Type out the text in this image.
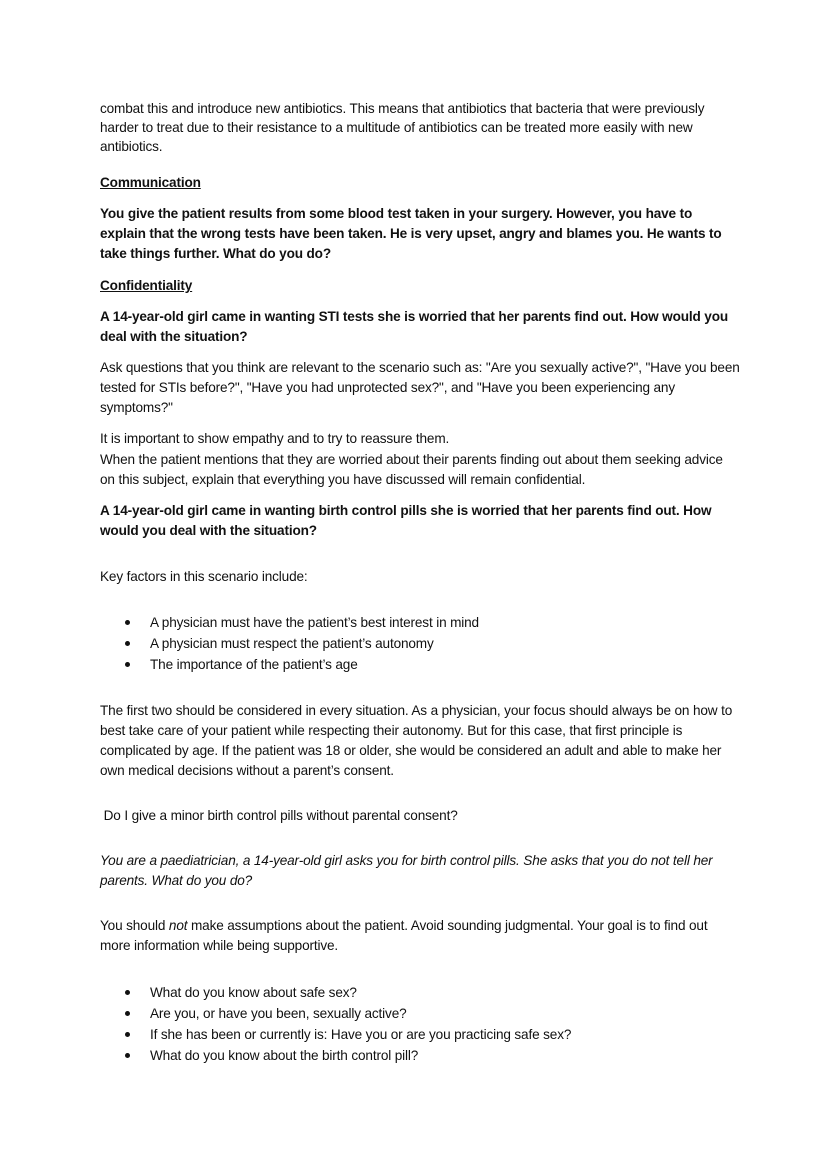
combat this and introduce new antibiotics. This means that antibiotics that bacteria that were previously harder to treat due to their resistance to a multitude of antibiotics can be treated more easily with new antibiotics.
Communication
You give the patient results from some blood test taken in your surgery. However, you have to explain that the wrong tests have been taken. He is very upset, angry and blames you. He wants to take things further. What do you do?
Confidentiality
A 14-year-old girl came in wanting STI tests she is worried that her parents find out. How would you deal with the situation?
Ask questions that you think are relevant to the scenario such as: "Are you sexually active?", "Have you been tested for STIs before?", "Have you had unprotected sex?", and "Have you been experiencing any symptoms?"
It is important to show empathy and to try to reassure them.
When the patient mentions that they are worried about their parents finding out about them seeking advice on this subject, explain that everything you have discussed will remain confidential.
A 14-year-old girl came in wanting birth control pills she is worried that her parents find out. How would you deal with the situation?
Key factors in this scenario include:
A physician must have the patient’s best interest in mind
A physician must respect the patient’s autonomy
The importance of the patient’s age
The first two should be considered in every situation. As a physician, your focus should always be on how to best take care of your patient while respecting their autonomy. But for this case, that first principle is complicated by age. If the patient was 18 or older, she would be considered an adult and able to make her own medical decisions without a parent’s consent.
Do I give a minor birth control pills without parental consent?
You are a paediatrician, a 14-year-old girl asks you for birth control pills. She asks that you do not tell her parents. What do you do?
You should not make assumptions about the patient. Avoid sounding judgmental. Your goal is to find out more information while being supportive.
What do you know about safe sex?
Are you, or have you been, sexually active?
If she has been or currently is: Have you or are you practicing safe sex?
What do you know about the birth control pill?
